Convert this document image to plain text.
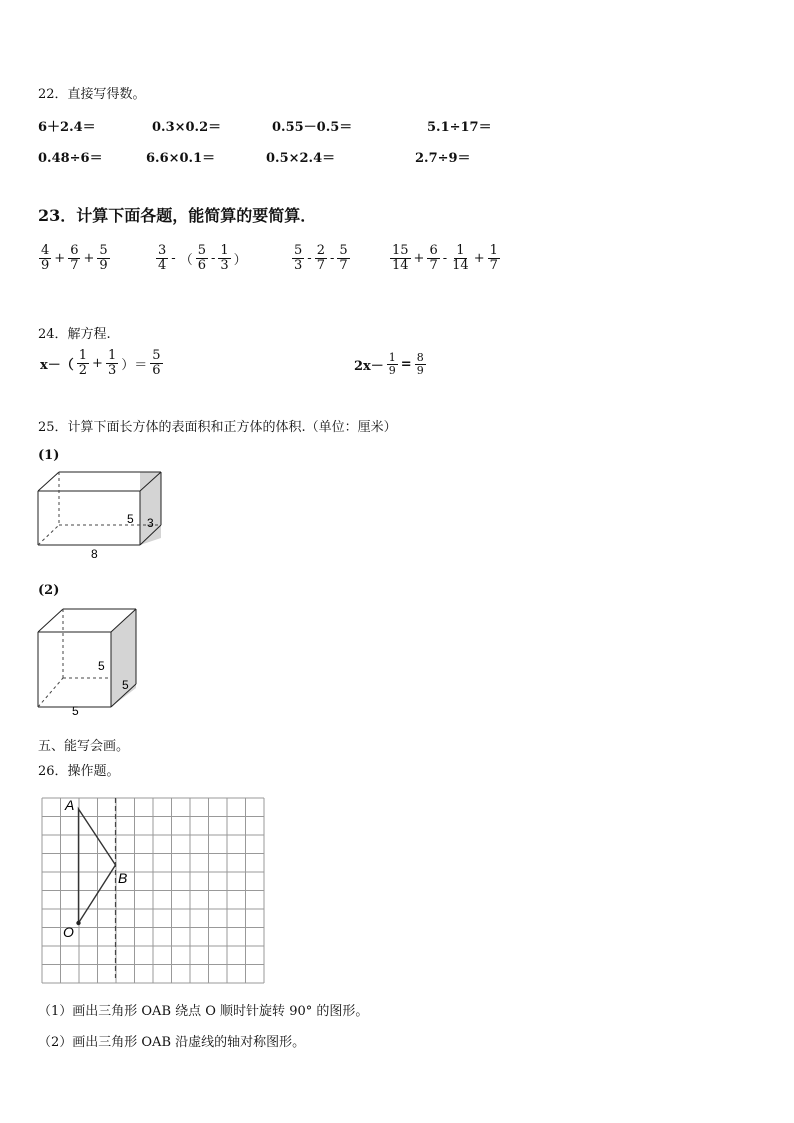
22．直接写得数。
6＋2.4＝	0.3×0.2＝	0.55－0.5＝	5.1÷17＝
0.48÷6＝	6.6×0.1＝	0.5×2.4＝	2.7÷9＝
23．计算下面各题，能简算的要简算．
$\frac{4}{9} + \frac{6}{7} + \frac{5}{9}$	$\frac{3}{4}$ - （ $\frac{5}{6} - \frac{1}{3}$ ）	$\frac{5}{3} - \frac{2}{7} - \frac{5}{7}$	$\frac{15}{14} + \frac{6}{7} - \frac{1}{14} + \frac{1}{7}$
24．解方程.
$x-( \frac{1}{2} + \frac{1}{3}$ ）＝ $\frac{5}{6}$	$2x- \frac{1}{9} = \frac{8}{9}$
25．计算下面长方体的表面积和正方体的体积.（单位：厘米）
(1)
8
5 3
(2)
5
5
5
五、能写会画。
26．操作题。
A
B
O
（1）画出三角形 OAB 绕点 O 顺时针旋转 90° 的图形。
（2）画出三角形 OAB 沿虚线的轴对称图形。
